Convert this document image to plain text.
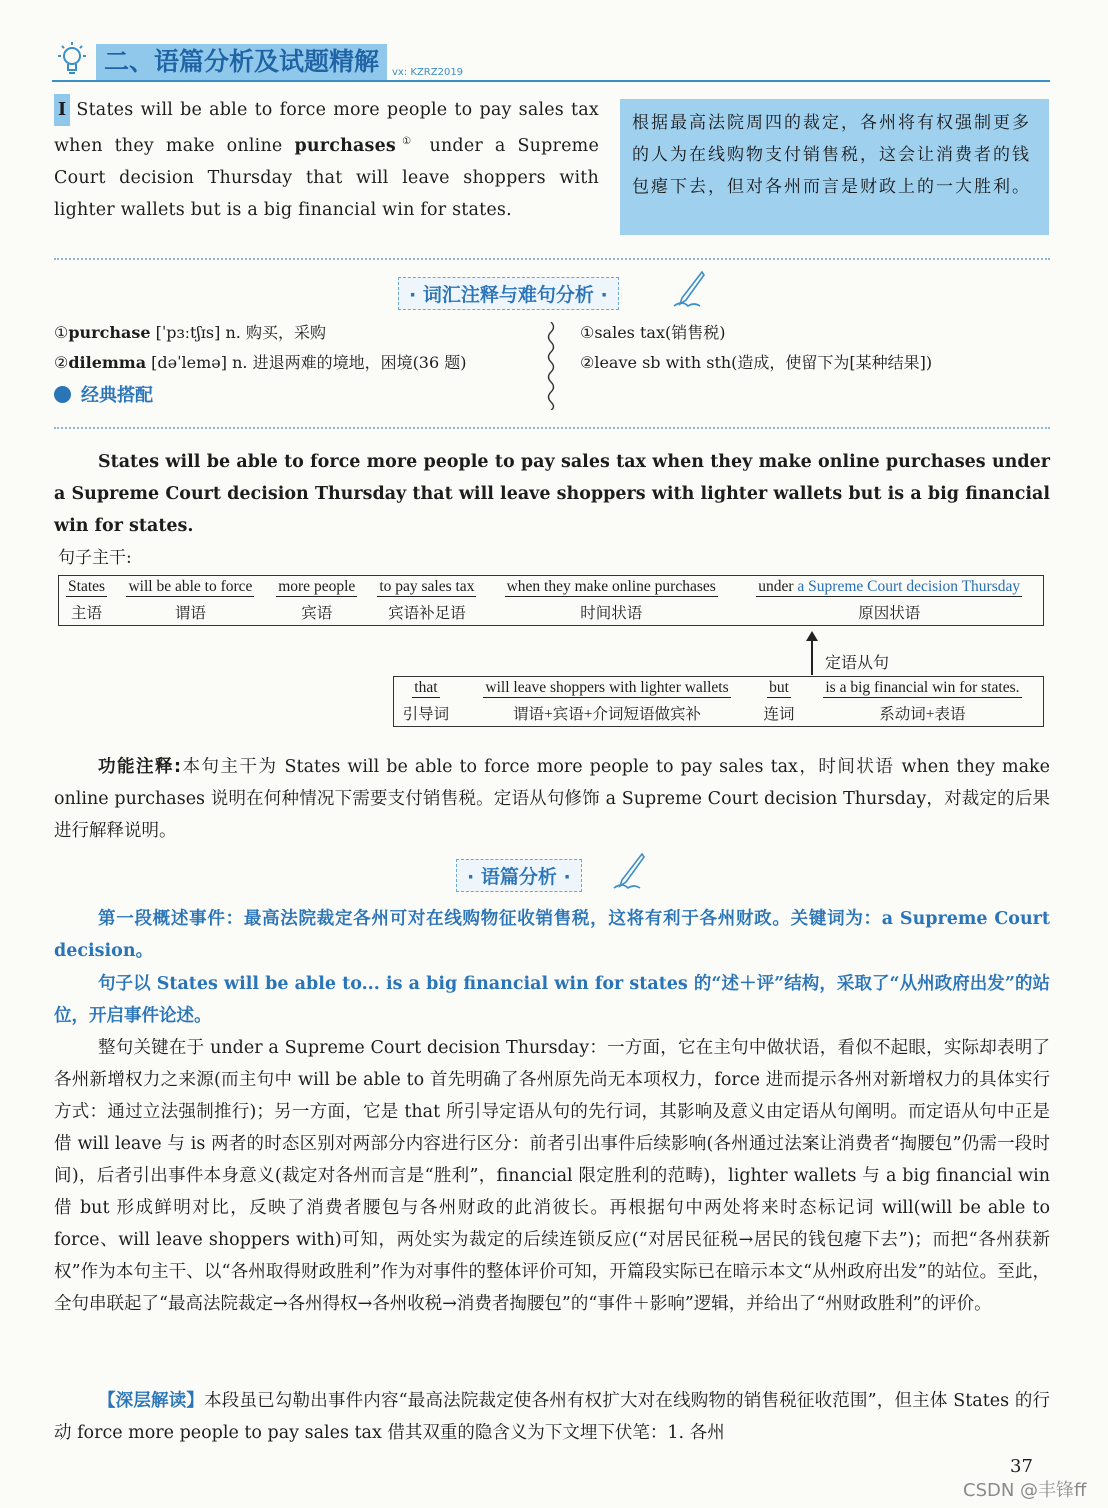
二、语篇分析及试题精解	vx: KZRZ2019
I States will be able to force more people to pay sales tax when they make online purchases① under a Supreme Court decision Thursday that will leave shoppers with lighter wallets but is a big financial win for states.
根据最高法院周四的裁定，各州将有权强制更多的人为在线购物支付销售税，这会让消费者的钱包瘪下去，但对各州而言是财政上的一大胜利。
· 词汇注释与难句分析 ·
①purchase [ˈpɜːtʃɪs] n. 购买，采购
②dilemma [dəˈlemə] n. 进退两难的境地，困境(36 题)
①sales tax(销售税)
②leave sb with sth(造成，使留下为[某种结果])
经典搭配
States will be able to force more people to pay sales tax when they make online purchases under a Supreme Court decision Thursday that will leave shoppers with lighter wallets but is a big financial win for states.
句子主干:
States	will be able to force	more people	to pay sales tax	when they make online purchases	under a Supreme Court decision Thursday
主语	谓语	宾语	宾语补足语	时间状语	原因状语
定语从句
that	will leave shoppers with lighter wallets	but	is a big financial win for states.
引导词	谓语+宾语+介词短语做宾补	连词	系动词+表语
功能注释:本句主干为 States will be able to force more people to pay sales tax，时间状语 when they make online purchases 说明在何种情况下需要支付销售税。定语从句修饰 a Supreme Court decision Thursday，对裁定的后果进行解释说明。
· 语篇分析 ·
第一段概述事件：最高法院裁定各州可对在线购物征收销售税，这将有利于各州财政。关键词为：a Supreme Court decision。
句子以 States will be able to... is a big financial win for states 的“述＋评”结构，采取了“从州政府出发”的站位，开启事件论述。
整句关键在于 under a Supreme Court decision Thursday：一方面，它在主句中做状语，看似不起眼，实际却表明了各州新增权力之来源(而主句中 will be able to 首先明确了各州原先尚无本项权力，force 进而提示各州对新增权力的具体实行方式：通过立法强制推行)；另一方面，它是 that 所引导定语从句的先行词，其影响及意义由定语从句阐明。而定语从句中正是借 will leave 与 is 两者的时态区别对两部分内容进行区分：前者引出事件后续影响(各州通过法案让消费者“掏腰包”仍需一段时间)，后者引出事件本身意义(裁定对各州而言是“胜利”，financial 限定胜利的范畴)，lighter wallets 与 a big financial win 借 but 形成鲜明对比，反映了消费者腰包与各州财政的此消彼长。再根据句中两处将来时态标记词 will(will be able to force、will leave shoppers with)可知，两处实为裁定的后续连锁反应(“对居民征税→居民的钱包瘪下去”)；而把“各州获新权”作为本句主干、以“各州取得财政胜利”作为对事件的整体评价可知，开篇段实际已在暗示本文“从州政府出发”的站位。至此，全句串联起了“最高法院裁定→各州得权→各州收税→消费者掏腰包”的“事件＋影响”逻辑，并给出了“州财政胜利”的评价。
【深层解读】本段虽已勾勒出事件内容“最高法院裁定使各州有权扩大对在线购物的销售税征收范围”，但主体 States 的行动 force more people to pay sales tax 借其双重的隐含义为下文埋下伏笔：1. 各州
37
CSDN @丰锋ff
